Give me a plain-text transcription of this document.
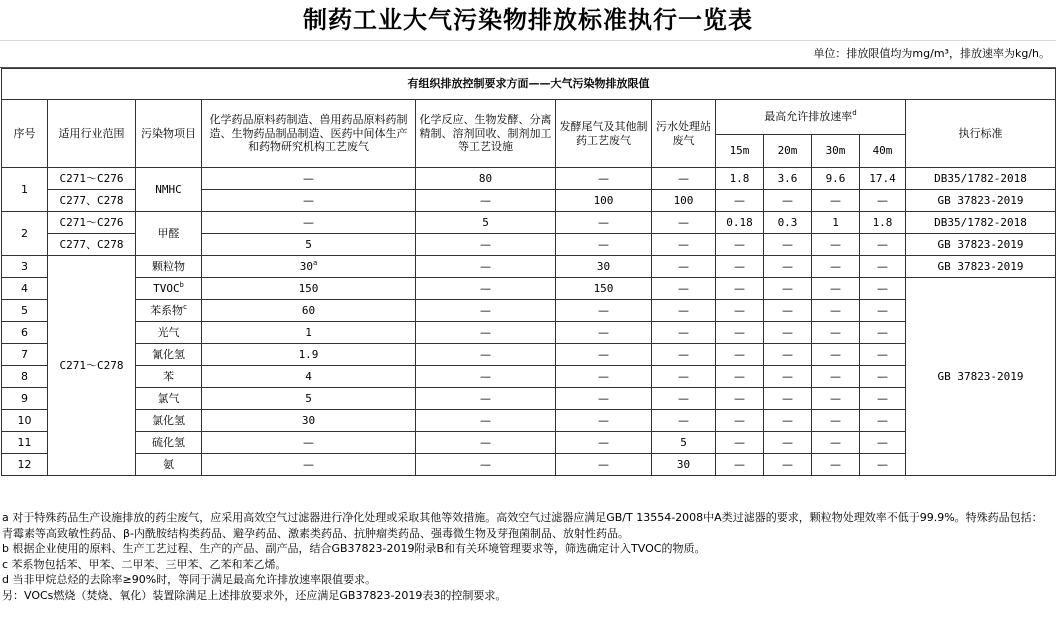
制药工业大气污染物排放标准执行一览表
单位：排放限值均为mg/m³，排放速率为kg/h。
有组织排放控制要求方面——大气污染物排放限值												
序号	适用行业范围	污染物项目	化学药品原料药制造、兽用药品原料药制造、生物药品制品制造、医药中间体生产和药物研究机构工艺废气	化学反应、生物发酵、分离精制、溶剂回收、制剂加工等工艺设施	发酵尾气及其他制药工艺废气	污水处理站废气	最高允许排放速率$^d$				执行标准	
							15m	20m	30m	40m		
1	C271～C276	NMHC	—	80	—	—	1.8	3.6	9.6	17.4	DB35/1782-2018	
	C277、C278		—	—	100	100	—	—	—	—	GB 37823-2019	
2	C271～C276	甲醛	—	5	—	—	0.18	0.3	1	1.8	DB35/1782-2018	
	C277、C278		5	—	—	—	—	—	—	—	GB 37823-2019	
3	C271～C278	颗粒物	30$^a$	—	30	—	—	—	—	—	GB 37823-2019	
4		TVOC$^b$	150	—	150	—	—	—	—	—	GB 37823-2019	
5		苯系物$^c$	60	—	—	—	—	—	—	—		
6		光气	1	—	—	—	—	—	—	—		
7		氰化氢	1.9	—	—	—	—	—	—	—		
8		苯	4	—	—	—	—	—	—	—		
9		氯气	5	—	—	—	—	—	—	—		
10		氯化氢	30	—	—	—	—	—	—	—		
11		硫化氢	—	—	—	5	—	—	—	—		
12		氨	—	—	—	30	—	—	—	—		
a 对于特殊药品生产设施排放的药尘废气，应采用高效空气过滤器进行净化处理或采取其他等效措施。高效空气过滤器应满足GB/T 13554-2008中A类过滤器的要求，颗粒物处理效率不低于99.9%。特殊药品包括：青霉素等高致敏性药品、β-内酰胺结构类药品、避孕药品、激素类药品、抗肿瘤类药品、强毒微生物及芽孢菌制品、放射性药品。
b 根据企业使用的原料、生产工艺过程、生产的产品、副产品，结合GB37823-2019附录B和有关环境管理要求等，筛选确定计入TVOC的物质。
c 苯系物包括苯、甲苯、二甲苯、三甲苯、乙苯和苯乙烯。
d 当非甲烷总烃的去除率≥90%时，等同于满足最高允许排放速率限值要求。
另：VOCs燃烧（焚烧、氧化）装置除满足上述排放要求外，还应满足GB37823-2019表3的控制要求。
